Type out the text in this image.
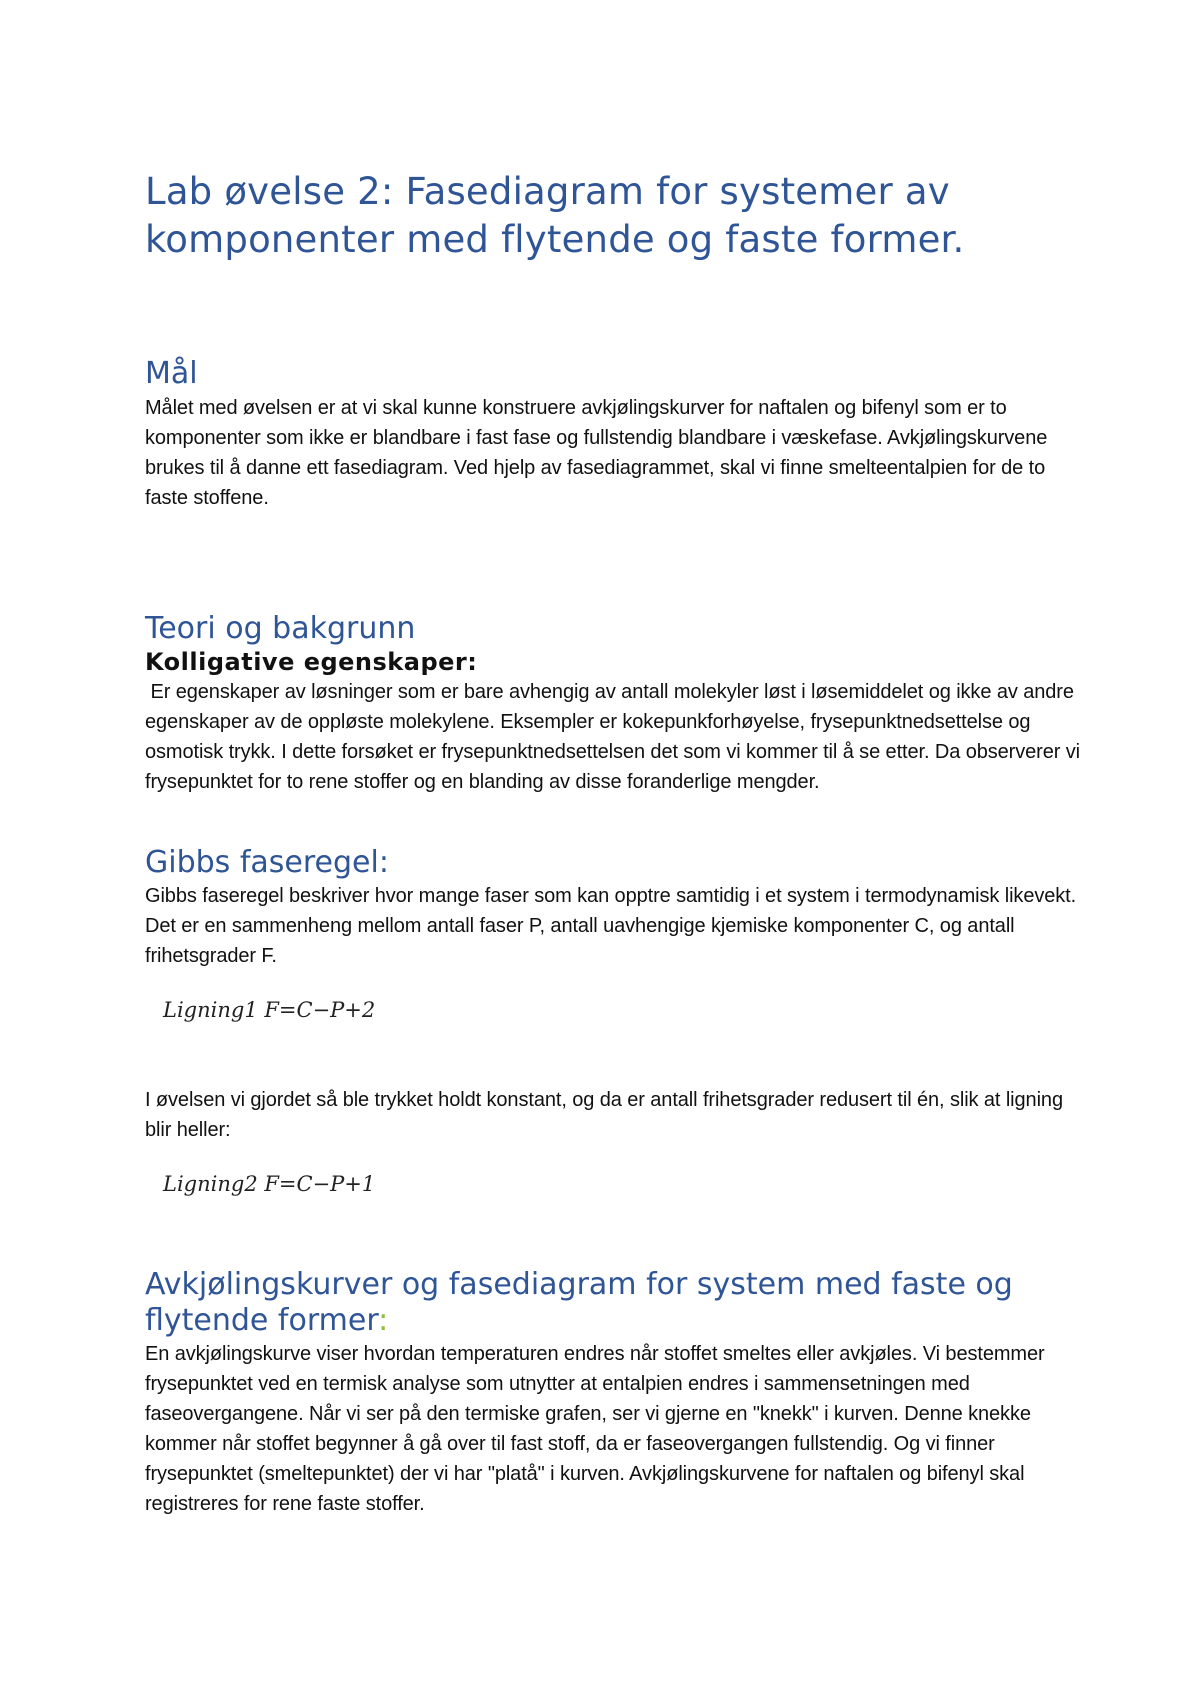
Lab øvelse 2: Fasediagram for systemer av komponenter med flytende og faste former.
Mål

Målet med øvelsen er at vi skal kunne konstruere avkjølingskurver for naftalen og bifenyl som er to komponenter som ikke er blandbare i fast fase og fullstendig blandbare i væskefase. Avkjølingskurvene brukes til å danne ett fasediagram. Ved hjelp av fasediagrammet, skal vi finne smelteentalpien for de to faste stoffene.

Teori og bakgrunn
Kolligative egenskaper:

Er egenskaper av løsninger som er bare avhengig av antall molekyler løst i løsemiddelet og ikke av andre egenskaper av de oppløste molekylene. Eksempler er kokepunkforhøyelse, frysepunktnedsettelse og osmotisk trykk. I dette forsøket er frysepunktnedsettelsen det som vi kommer til å se etter. Da observerer vi frysepunktet for to rene stoffer og en blanding av disse foranderlige mengder.

Gibbs faseregel:

Gibbs faseregel beskriver hvor mange faser som kan opptre samtidig i et system i termodynamisk likevekt. Det er en sammenheng mellom antall faser P, antall uavhengige kjemiske komponenter C, og antall frihetsgrader F.

Ligning1 F=C−P+2

I øvelsen vi gjordet så ble trykket holdt konstant, og da er antall frihetsgrader redusert til én, slik at ligning blir heller:

Ligning2 F=C−P+1

Avkjølingskurver og fasediagram for system med faste og flytende former:

En avkjølingskurve viser hvordan temperaturen endres når stoffet smeltes eller avkjøles. Vi bestemmer frysepunktet ved en termisk analyse som utnytter at entalpien endres i sammensetningen med faseovergangene. Når vi ser på den termiske grafen, ser vi gjerne en "knekk" i kurven. Denne knekke kommer når stoffet begynner å gå over til fast stoff, da er faseovergangen fullstendig. Og vi finner frysepunktet (smeltepunktet) der vi har "platå" i kurven. Avkjølingskurvene for naftalen og bifenyl skal registreres for rene faste stoffer.
